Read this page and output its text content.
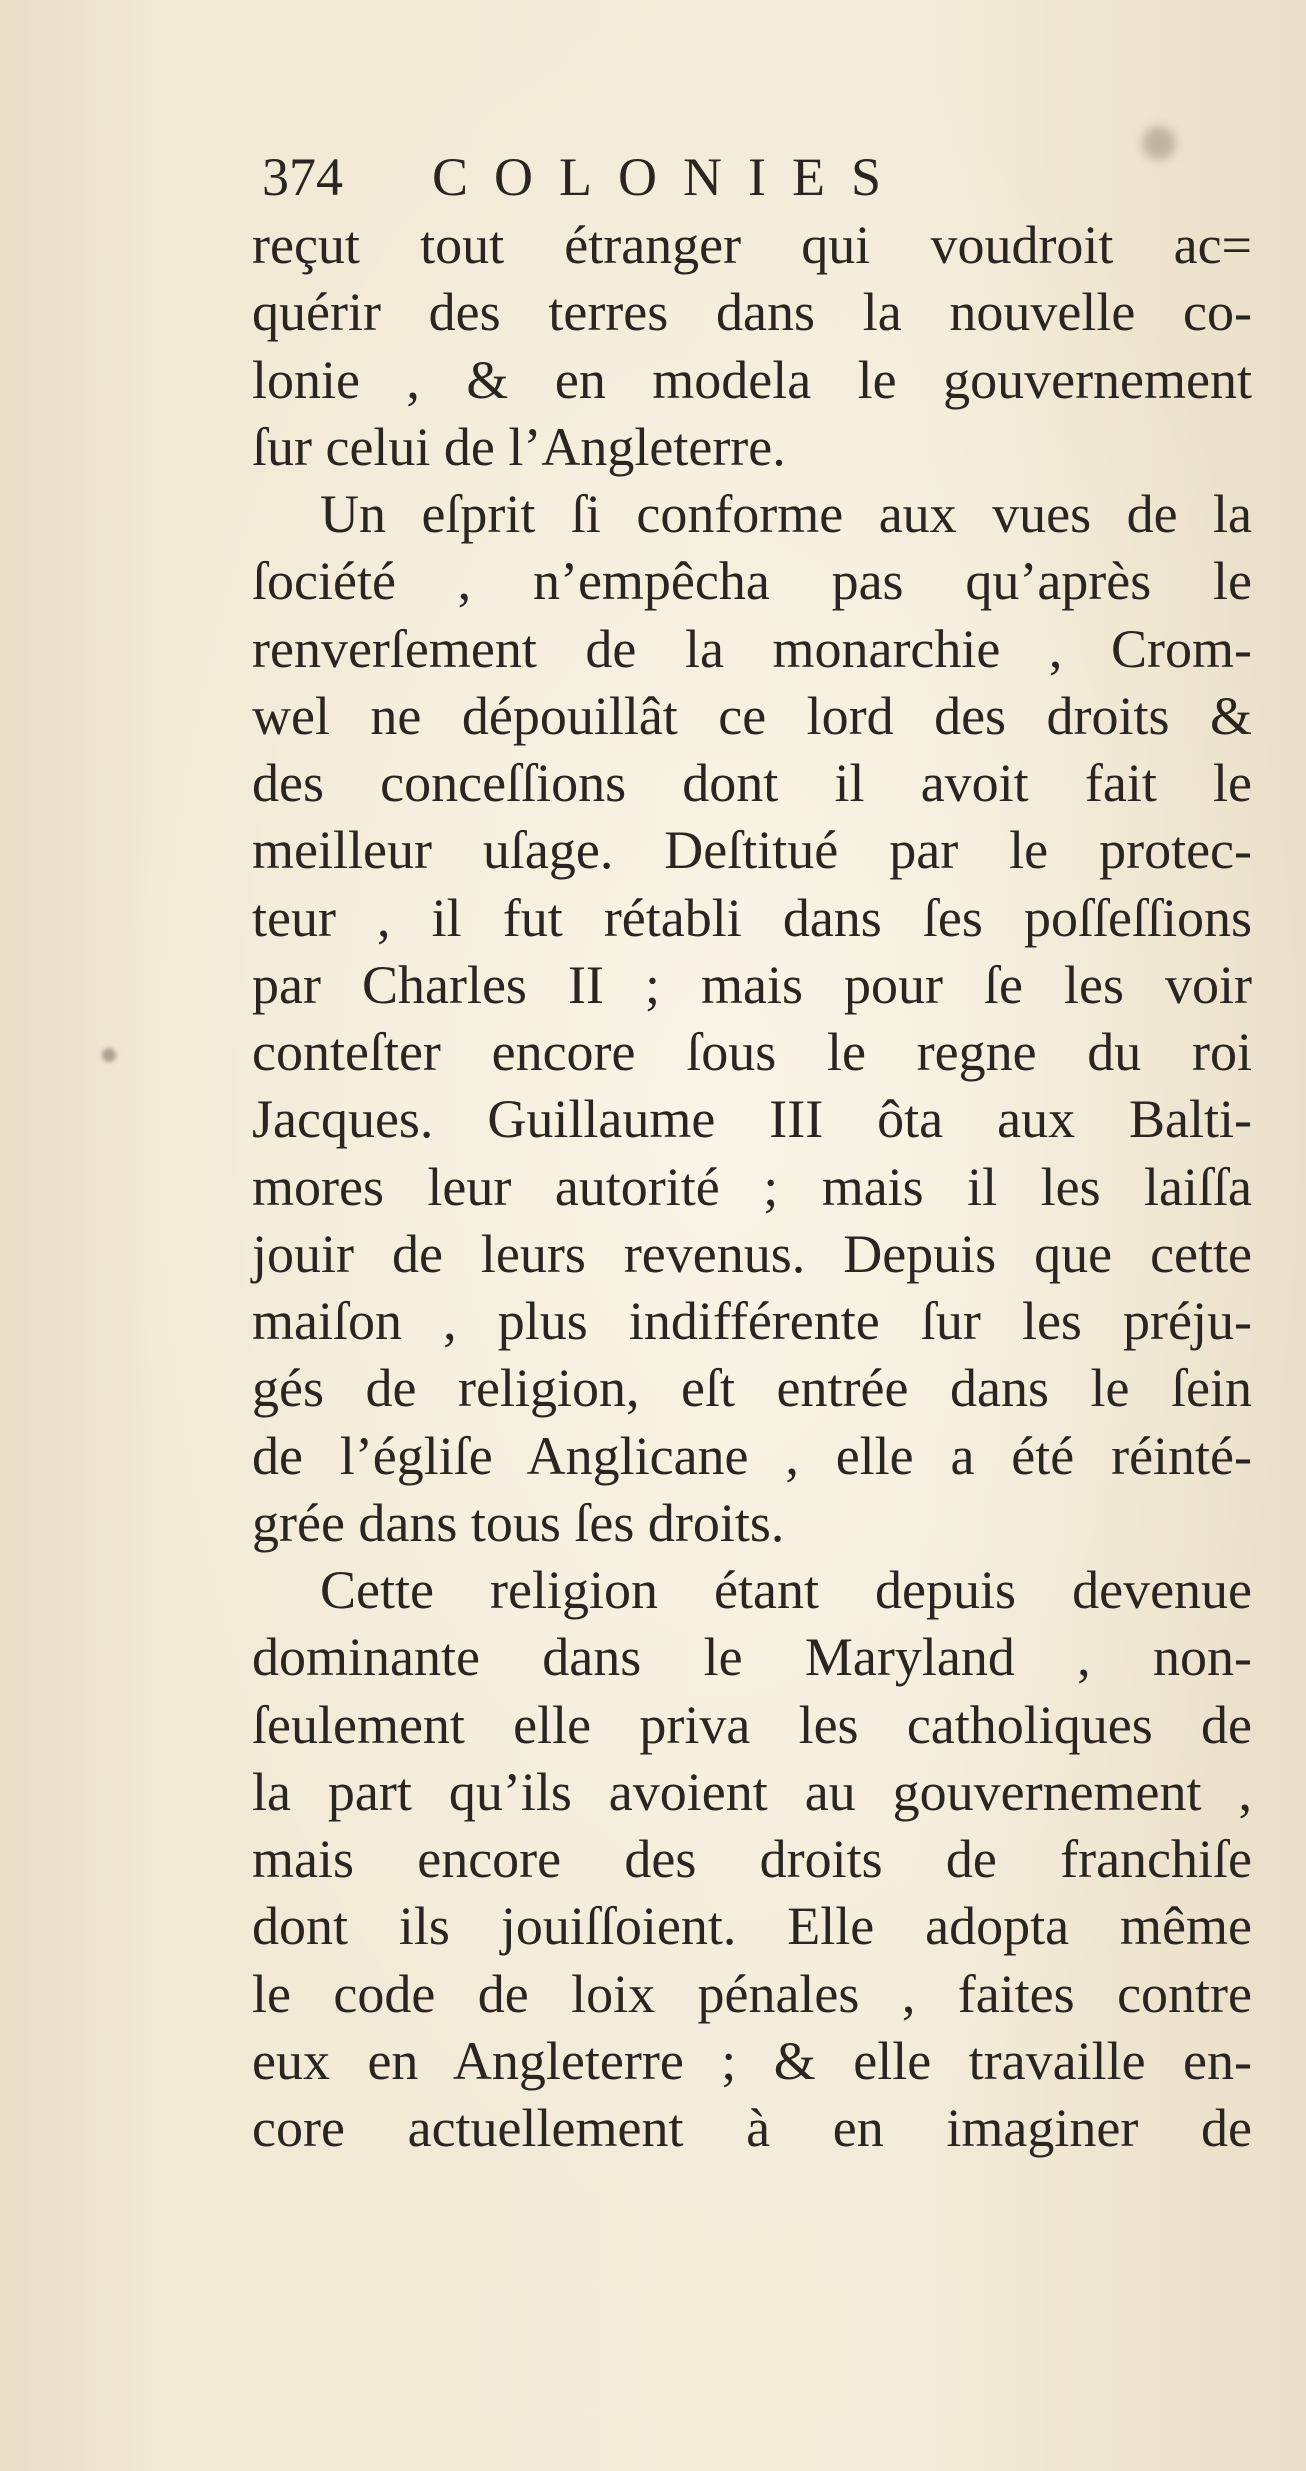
374	COLONIES
reçut tout étranger qui voudroit ac=
quérir des terres dans la nouvelle co-
lonie , & en modela le gouvernement
ſur celui de l’Angleterre.
Un eſprit ſi conforme aux vues de la
ſociété , n’empêcha pas qu’après le
renverſement de la monarchie , Crom-
wel ne dépouillât ce lord des droits &
des conceſſions dont il avoit fait le
meilleur uſage. Deſtitué par le protec-
teur , il fut rétabli dans ſes poſſeſſions
par Charles II ; mais pour ſe les voir
conteſter encore ſous le regne du roi
Jacques. Guillaume III ôta aux Balti-
mores leur autorité ; mais il les laiſſa
jouir de leurs revenus. Depuis que cette
maiſon , plus indifférente ſur les préju-
gés de religion, eſt entrée dans le ſein
de l’égliſe Anglicane , elle a été réinté-
grée dans tous ſes droits.
Cette religion étant depuis devenue
dominante dans le Maryland , non-
ſeulement elle priva les catholiques de
la part qu’ils avoient au gouvernement ,
mais encore des droits de franchiſe
dont ils jouiſſoient. Elle adopta même
le code de loix pénales , faites contre
eux en Angleterre ; & elle travaille en-
core actuellement à en imaginer de
